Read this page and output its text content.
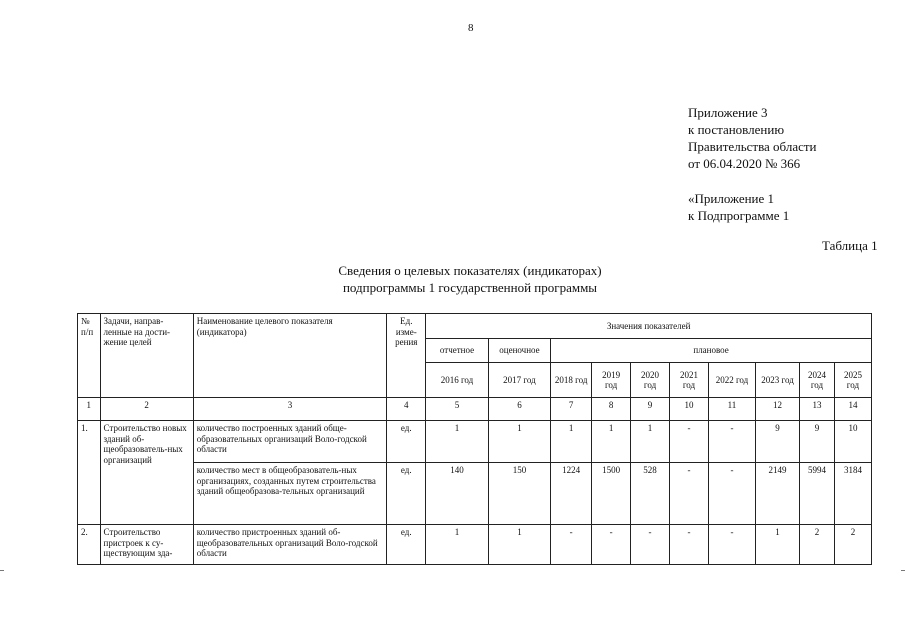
8
Приложение 3
к постановлению
Правительства области
от 06.04.2020 № 366
«Приложение 1
к Подпрограмме 1
Таблица 1
Сведения о целевых показателях (индикаторах)
подпрограммы 1 государственной программы
№ п/п	Задачи, направ-ленные на дости-жение целей	Наименование целевого показателя (индикатора)	Ед. изме-рения	Значения показателей									
				отчетное	оценочное	плановое							
				2016 год	2017 год	2018 год	2019 год	2020 год	2021 год	2022 год	2023 год	2024 год	2025 год
1	2	3	4	5	6	7	8	9	10	11	12	13	14
1.	Строительство новых зданий об-щеобразователь-ных организаций	количество построенных зданий обще-образовательных организаций Воло-годской области	ед.	1	1	1	1	1	-	-	9	9	10
		количество мест в общеобразователь-ных организациях, созданных путем строительства зданий общеобразова-тельных организаций	ед.	140	150	1224	1500	528	-	-	2149	5994	3184
2.	Строительство пристроек к су-ществующим зда-	количество пристроенных зданий об-щеобразовательных организаций Воло-годской области	ед.	1	1	-	-	-	-	-	1	2	2
